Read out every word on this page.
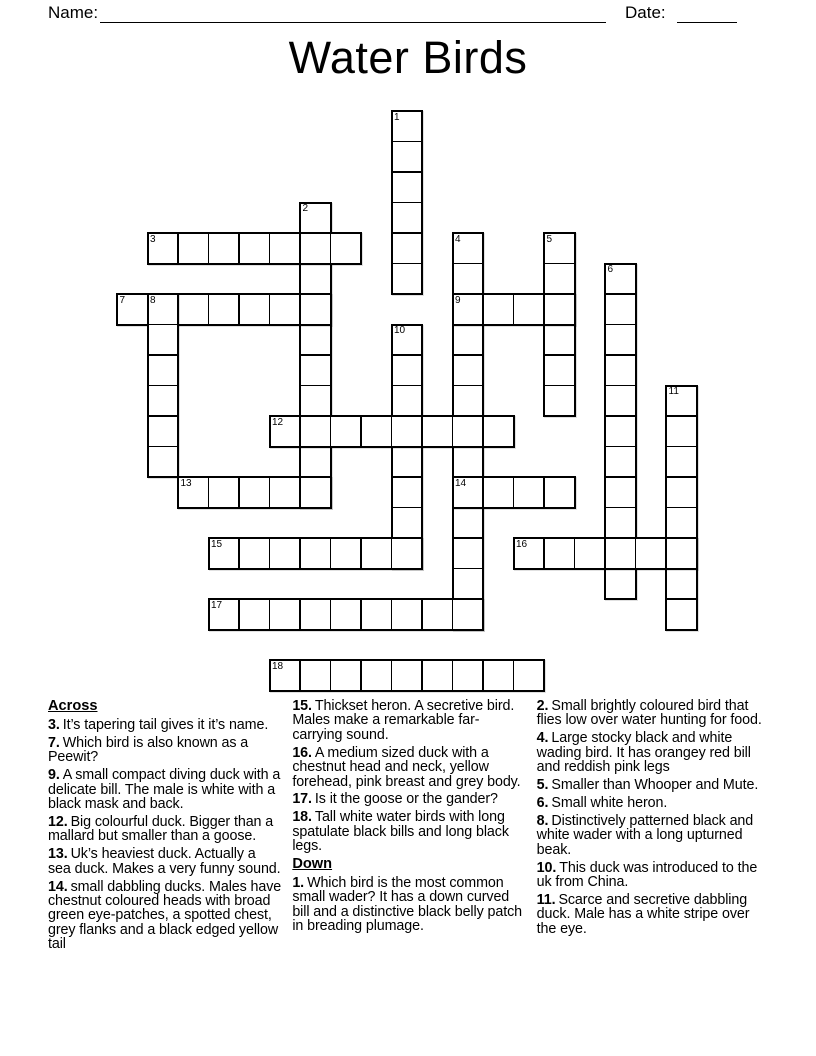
Name:	Date:
Water Birds
1
2
3	4	5
6
7 8	9
10
11
12
13	14
15	16
17
18
Across
3. It’s tapering tail gives it it’s name.
7. Which bird is also known as a Peewit?
9. A small compact diving duck with a delicate bill. The male is white with a black mask and back.
12. Big colourful duck. Bigger than a mallard but smaller than a goose.
13. Uk’s heaviest duck. Actually a sea duck. Makes a very funny sound.
14. small dabbling ducks. Males have chestnut coloured heads with broad green eye-patches, a spotted chest, grey flanks and a black edged yellow tail
15. Thickset heron. A secretive bird. Males make a remarkable far-carrying sound.
16. A medium sized duck with a chestnut head and neck, yellow forehead, pink breast and grey body.
17. Is it the goose or the gander?
18. Tall white water birds with long spatulate black bills and long black legs.
Down
1. Which bird is the most common small wader? It has a down curved bill and a distinctive black belly patch in breading plumage.
2. Small brightly coloured bird that flies low over water hunting for food.
4. Large stocky black and white wading bird. It has orangey red bill and reddish pink legs
5. Smaller than Whooper and Mute.
6. Small white heron.
8. Distinctively patterned black and white wader with a long upturned beak.
10. This duck was introduced to the uk from China.
11. Scarce and secretive dabbling duck. Male has a white stripe over the eye.
